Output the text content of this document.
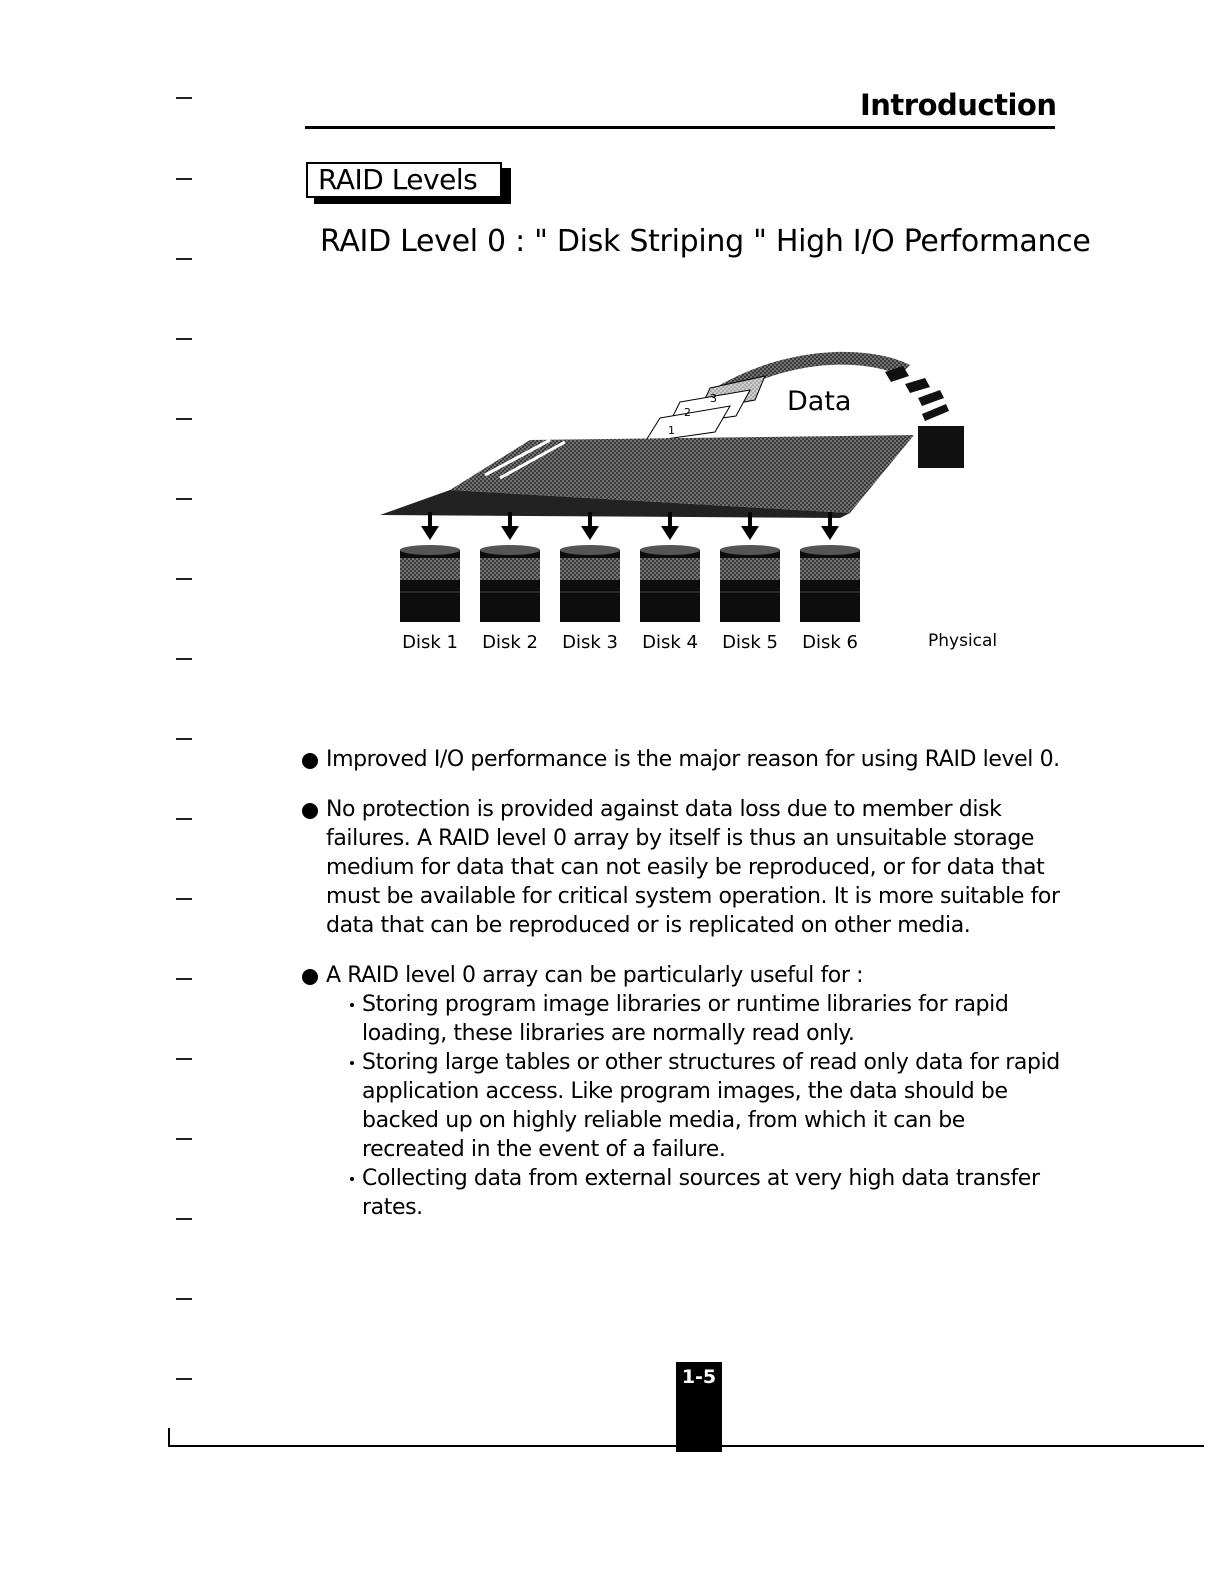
Introduction
RAID Levels
RAID Level 0 : " Disk Striping " High I/O Performance
3
2
1
Data
Disk 1 Disk 2 Disk 3 Disk 4 Disk 5 Disk 6	Physical
Improved I/O performance is the major reason for using RAID level 0.
No protection is provided against data loss due to member disk failures. A RAID level 0 array by itself is thus an unsuitable storage medium for data that can not easily be reproduced, or for data that must be available for critical system operation. It is more suitable for data that can be reproduced or is replicated on other media.
A RAID level 0 array can be particularly useful for :
Storing program image libraries or runtime libraries for rapid loading, these libraries are normally read only.
Storing large tables or other structures of read only data for rapid application access. Like program images, the data should be backed up on highly reliable media, from which it can be recreated in the event of a failure.
Collecting data from external sources at very high data transfer rates.
1-5
